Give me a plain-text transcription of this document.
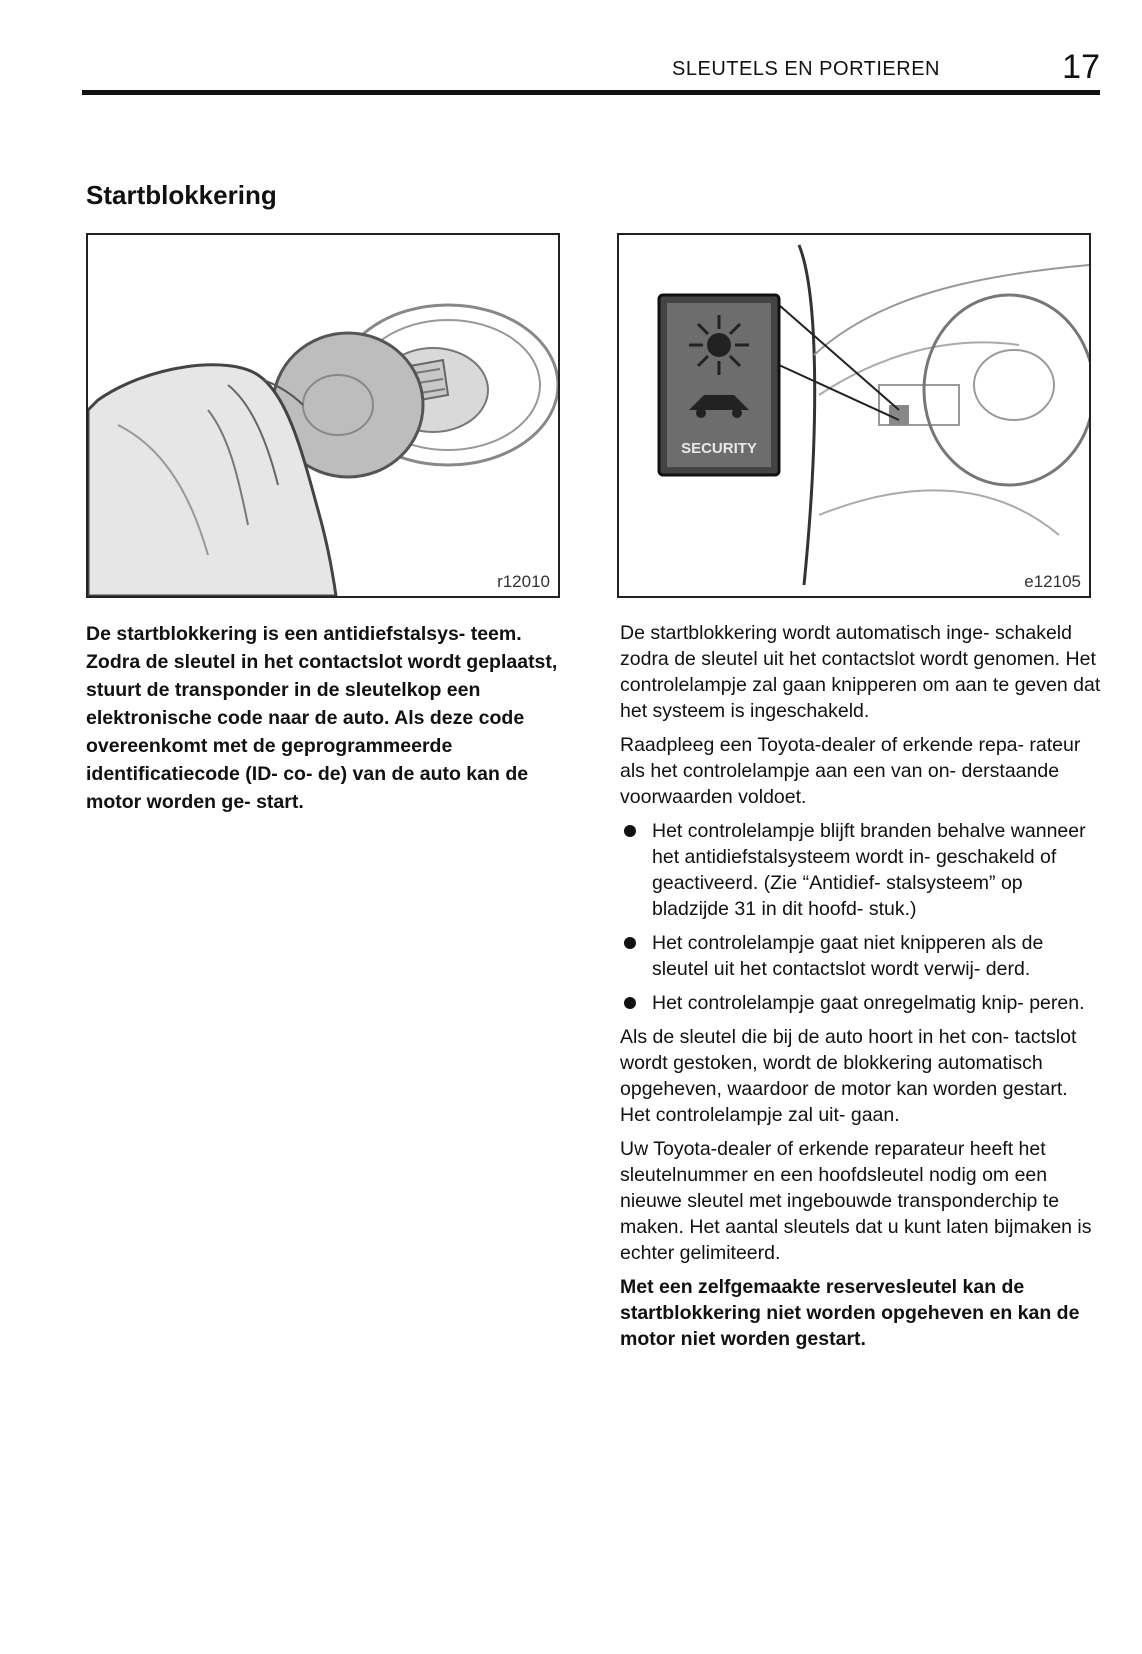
SLEUTELS EN PORTIEREN	17
Startblokkering
r12010
SECURITY
e12105
De startblokkering is een antidiefstalsys- teem. Zodra de sleutel in het contactslot wordt geplaatst, stuurt de transponder in de sleutelkop een elektronische code naar de auto. Als deze code overeenkomt met de geprogrammeerde identificatiecode (ID- co- de) van de auto kan de motor worden ge- start.

De startblokkering wordt automatisch inge- schakeld zodra de sleutel uit het contactslot wordt genomen. Het controlelampje zal gaan knipperen om aan te geven dat het systeem is ingeschakeld.

Raadpleeg een Toyota‑dealer of erkende repa- rateur als het controlelampje aan een van on- derstaande voorwaarden voldoet.

Het controlelampje blijft branden behalve wanneer het antidiefstalsysteem wordt in- geschakeld of geactiveerd. (Zie “Antidief- stalsysteem” op bladzijde 31 in dit hoofd- stuk.)
Het controlelampje gaat niet knipperen als de sleutel uit het contactslot wordt verwij- derd.
Het controlelampje gaat onregelmatig knip- peren.

Als de sleutel die bij de auto hoort in het con- tactslot wordt gestoken, wordt de blokkering automatisch opgeheven, waardoor de motor kan worden gestart. Het controlelampje zal uit- gaan.

Uw Toyota‑dealer of erkende reparateur heeft het sleutelnummer en een hoofdsleutel nodig om een nieuwe sleutel met ingebouwde transponderchip te maken. Het aantal sleutels dat u kunt laten bijmaken is echter gelimiteerd.

Met een zelfgemaakte reservesleutel kan de startblokkering niet worden opgeheven en kan de motor niet worden gestart.
